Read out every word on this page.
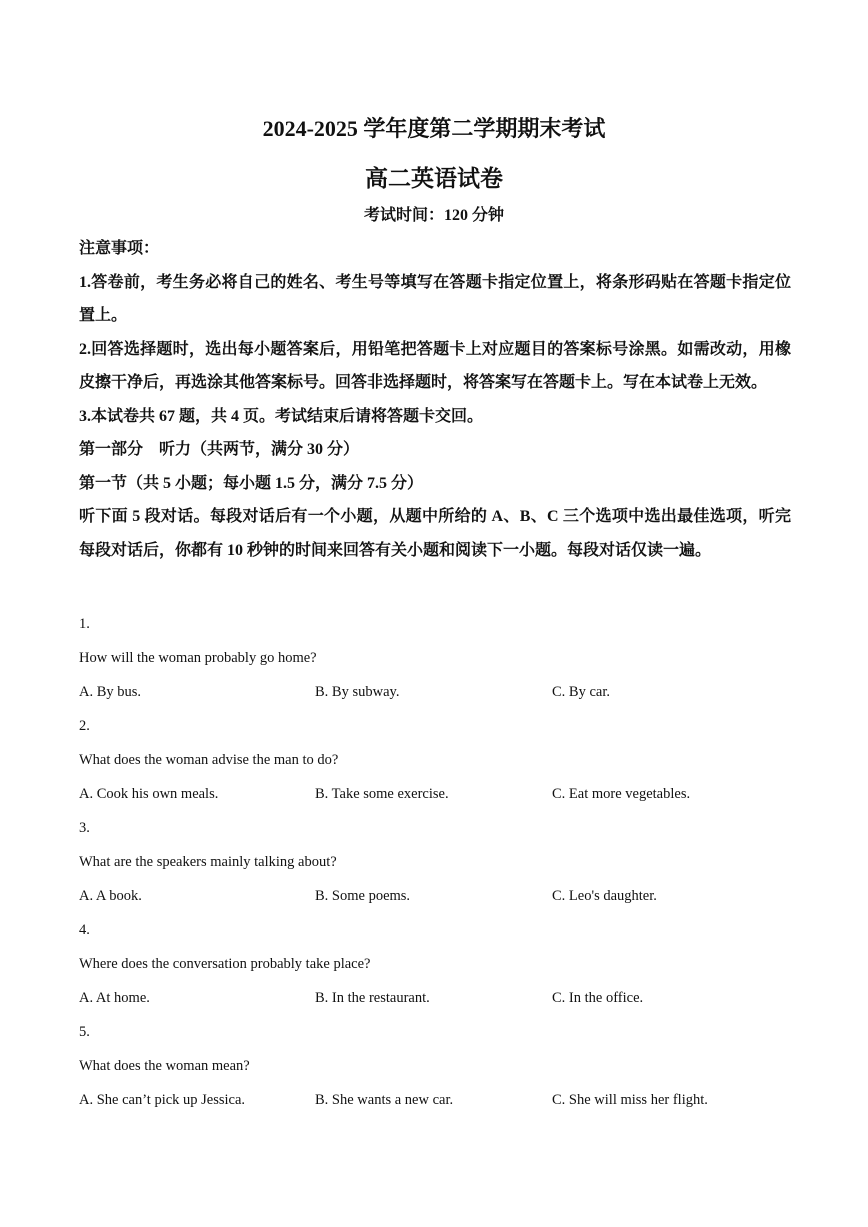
2024-2025 学年度第二学期期末考试
高二英语试卷
考试时间：120 分钟

注意事项：

1.答卷前，考生务必将自己的姓名、考生号等填写在答题卡指定位置上，将条形码贴在答题卡指定位置上。

2.回答选择题时，选出每小题答案后，用铅笔把答题卡上对应题目的答案标号涂黑。如需改动，用橡皮擦干净后，再选涂其他答案标号。回答非选择题时，将答案写在答题卡上。写在本试卷上无效。

3.本试卷共 67 题，共 4 页。考试结束后请将答题卡交回。

第一部分　听力（共两节，满分 30 分）

第一节（共 5 小题；每小题 1.5 分，满分 7.5 分）

听下面 5 段对话。每段对话后有一个小题，从题中所给的 A、B、C 三个选项中选出最佳选项，听完每段对话后，你都有 10 秒钟的时间来回答有关小题和阅读下一小题。每段对话仅读一遍。

1.
How will the woman probably go home?
A. By bus.	B. By subway.	C. By car.
2.
What does the woman advise the man to do?
A. Cook his own meals.	B. Take some exercise.	C. Eat more vegetables.
3.
What are the speakers mainly talking about?
A. A book.	B. Some poems.	C. Leo's daughter.
4.
Where does the conversation probably take place?
A. At home.	B. In the restaurant.	C. In the office.
5.
What does the woman mean?
A. She can’t pick up Jessica.	B. She wants a new car.	C. She will miss her flight.
